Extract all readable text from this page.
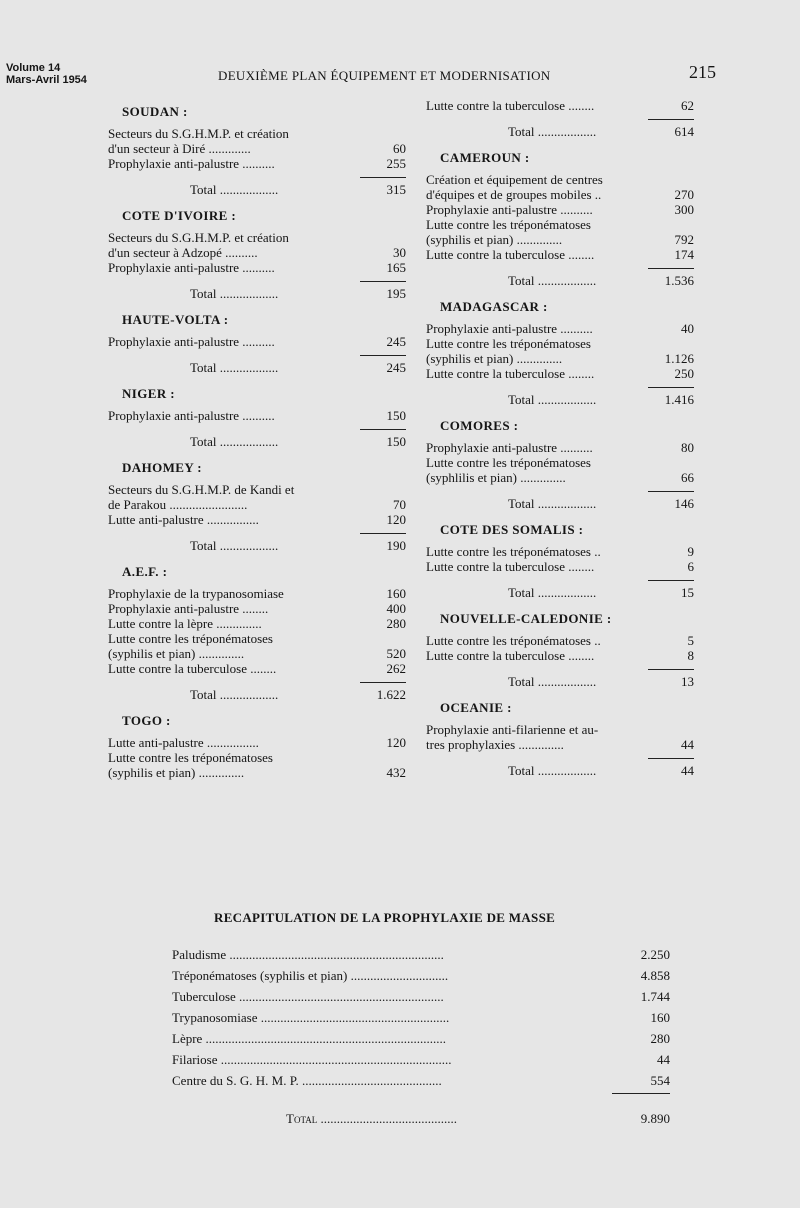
Volume 14
Mars-Avril 1954	DEUXIÈME PLAN ÉQUIPEMENT ET MODERNISATION	215
SOUDAN :
Secteurs du S.G.H.M.P. et création
d'un secteur à Diré .............	60
Prophylaxie anti-palustre ..........	255
Total ..................	315
COTE D'IVOIRE :
Secteurs du S.G.H.M.P. et création
d'un secteur à Adzopé ..........	30
Prophylaxie anti-palustre ..........	165
Total ..................	195
HAUTE-VOLTA :
Prophylaxie anti-palustre ..........	245
Total ..................	245
NIGER :
Prophylaxie anti-palustre ..........	150
Total ..................	150
DAHOMEY :
Secteurs du S.G.H.M.P. de Kandi et
de Parakou ........................	70
Lutte anti-palustre ................	120
Total ..................	190
A.E.F. :
Prophylaxie de la trypanosomiase	160
Prophylaxie anti-palustre ........	400
Lutte contre la lèpre ..............	280
Lutte contre les tréponématoses
(syphilis et pian) ..............	520
Lutte contre la tuberculose ........	262
Total ..................	1.622
TOGO :
Lutte anti-palustre ................	120
Lutte contre les tréponématoses
(syphilis et pian) ..............	432
Lutte contre la tuberculose ........	62
Total ..................	614
CAMEROUN :
Création et équipement de centres
d'équipes et de groupes mobiles ..	270
Prophylaxie anti-palustre ..........	300
Lutte contre les tréponématoses
(syphilis et pian) ..............	792
Lutte contre la tuberculose ........	174
Total ..................	1.536
MADAGASCAR :
Prophylaxie anti-palustre ..........	40
Lutte contre les tréponématoses
(syphilis et pian) ..............	1.126
Lutte contre la tuberculose ........	250
Total ..................	1.416
COMORES :
Prophylaxie anti-palustre ..........	80
Lutte contre les tréponématoses
(syphlilis et pian) ..............	66
Total ..................	146
COTE DES SOMALIS :
Lutte contre les tréponématoses ..	9
Lutte contre la tuberculose ........	6
Total ..................	15
NOUVELLE-CALEDONIE :
Lutte contre les tréponématoses ..	5
Lutte contre la tuberculose ........	8
Total ..................	13
OCEANIE :
Prophylaxie anti-filarienne et au-
tres prophylaxies ..............	44
Total ..................	44
RECAPITULATION DE LA PROPHYLAXIE DE MASSE
Paludisme ..................................................................	2.250
Tréponématoses (syphilis et pian) ..............................	4.858
Tuberculose ...............................................................	1.744
Trypanosomiase ..........................................................	160
Lèpre ..........................................................................	280
Filariose .......................................................................	44
Centre du S. G. H. M. P. ...........................................	554
Total ..........................................	9.890
